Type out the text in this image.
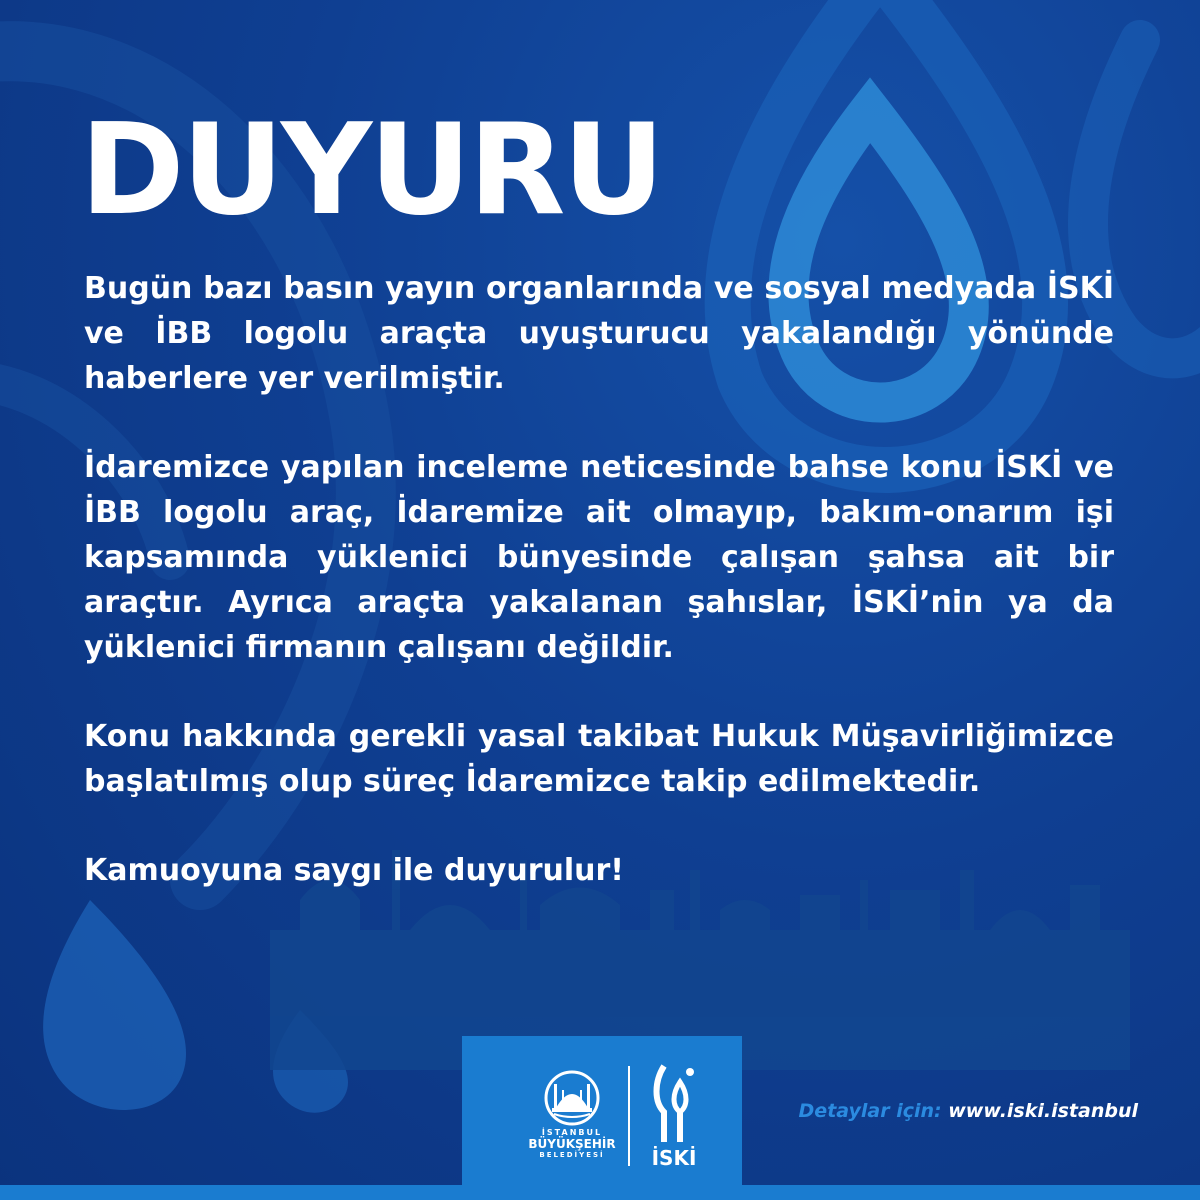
DUYURU

Bugün bazı basın yayın organlarında ve sosyal medyada İSKİ ve İBB logolu araçta uyuşturucu yakalandığı yönünde haberlere yer verilmiştir.

İdaremizce yapılan inceleme neticesinde bahse konu İSKİ ve İBB logolu araç, İdaremize ait olmayıp, bakım-onarım işi kapsamında yüklenici bünyesinde çalışan şahsa ait bir araçtır. Ayrıca araçta yakalanan şahıslar, İSKİ’nin ya da yüklenici firmanın çalışanı değildir.

Konu hakkında gerekli yasal takibat Hukuk Müşavirliğimizce başlatılmış olup süreç İdaremizce takip edilmektedir.

Kamuoyuna saygı ile duyurulur!

İSTANBUL
BÜYÜKŞEHİR
BELEDİYESİ	İSKİ
Detaylar için: www.iski.istanbul
